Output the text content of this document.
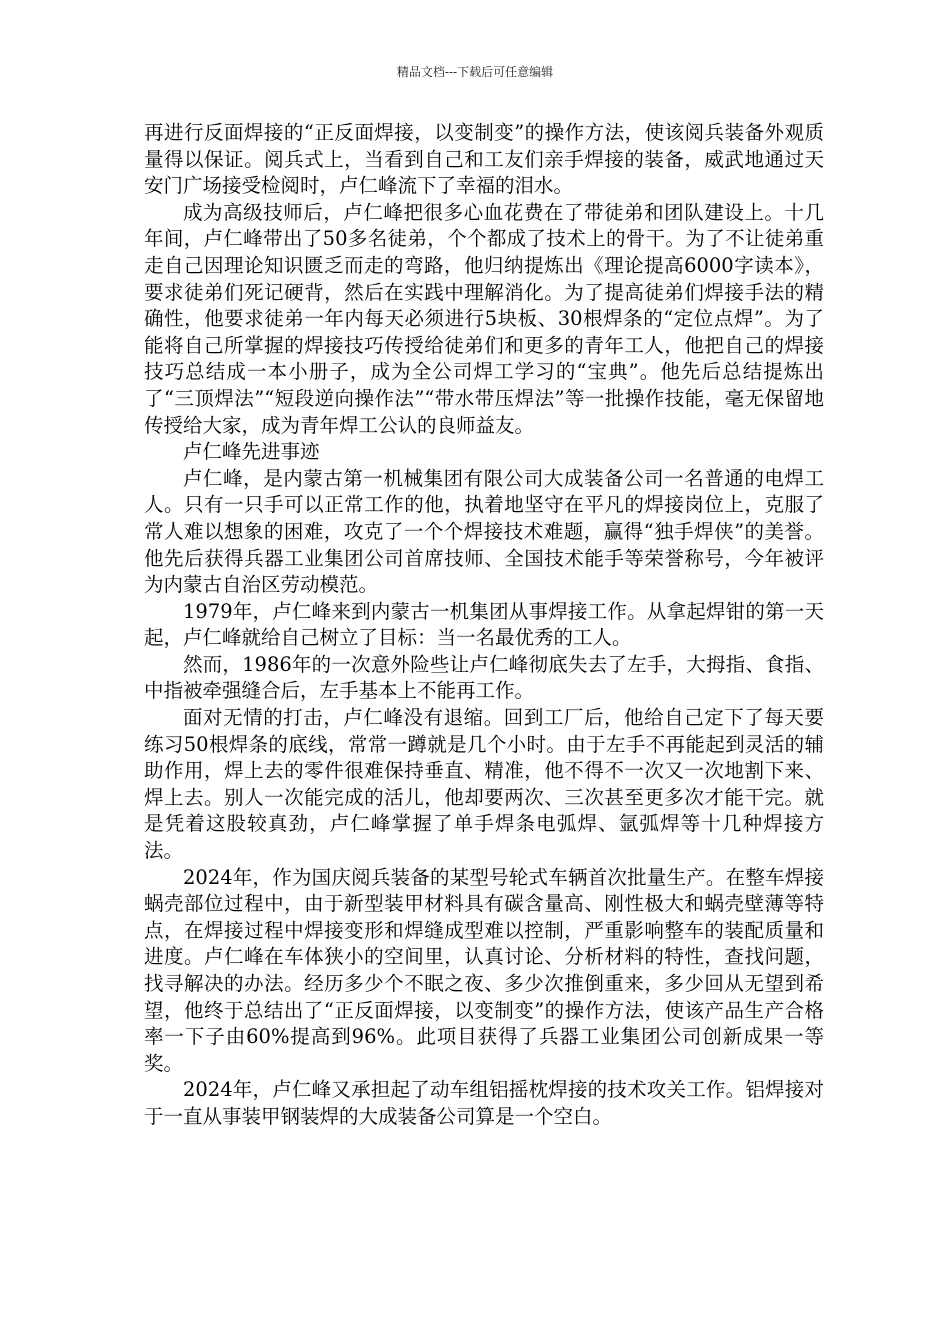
精品文档---下载后可任意编辑

再进行反面焊接的“正反面焊接，以变制变”的操作方法，使该阅兵装备外观质量得以保证。阅兵式上，当看到自己和工友们亲手焊接的装备，威武地通过天安门广场接受检阅时，卢仁峰流下了幸福的泪水。

成为高级技师后，卢仁峰把很多心血花费在了带徒弟和团队建设上。十几年间，卢仁峰带出了50多名徒弟，个个都成了技术上的骨干。为了不让徒弟重走自己因理论知识匮乏而走的弯路，他归纳提炼出《理论提高6000字读本》，要求徒弟们死记硬背，然后在实践中理解消化。为了提高徒弟们焊接手法的精确性，他要求徒弟一年内每天必须进行5块板、30根焊条的“定位点焊”。为了能将自己所掌握的焊接技巧传授给徒弟们和更多的青年工人，他把自己的焊接技巧总结成一本小册子，成为全公司焊工学习的“宝典”。他先后总结提炼出了“三顶焊法”“短段逆向操作法”“带水带压焊法”等一批操作技能，毫无保留地传授给大家，成为青年焊工公认的良师益友。

卢仁峰先进事迹

卢仁峰，是内蒙古第一机械集团有限公司大成装备公司一名普通的电焊工人。只有一只手可以正常工作的他，执着地坚守在平凡的焊接岗位上，克服了常人难以想象的困难，攻克了一个个焊接技术难题，赢得“独手焊侠”的美誉。他先后获得兵器工业集团公司首席技师、全国技术能手等荣誉称号，今年被评为内蒙古自治区劳动模范。

1979年，卢仁峰来到内蒙古一机集团从事焊接工作。从拿起焊钳的第一天起，卢仁峰就给自己树立了目标：当一名最优秀的工人。

然而，1986年的一次意外险些让卢仁峰彻底失去了左手，大拇指、食指、中指被牵强缝合后，左手基本上不能再工作。

面对无情的打击，卢仁峰没有退缩。回到工厂后，他给自己定下了每天要练习50根焊条的底线，常常一蹲就是几个小时。由于左手不再能起到灵活的辅助作用，焊上去的零件很难保持垂直、精准，他不得不一次又一次地割下来、焊上去。别人一次能完成的活儿，他却要两次、三次甚至更多次才能干完。就是凭着这股较真劲，卢仁峰掌握了单手焊条电弧焊、氩弧焊等十几种焊接方法。

2024年，作为国庆阅兵装备的某型号轮式车辆首次批量生产。在整车焊接蜗壳部位过程中，由于新型装甲材料具有碳含量高、刚性极大和蜗壳壁薄等特点，在焊接过程中焊接变形和焊缝成型难以控制，严重影响整车的装配质量和进度。卢仁峰在车体狭小的空间里，认真讨论、分析材料的特性，查找问题，找寻解决的办法。经历多少个不眠之夜、多少次推倒重来，多少回从无望到希望，他终于总结出了“正反面焊接，以变制变”的操作方法，使该产品生产合格率一下子由60%提高到96%。此项目获得了兵器工业集团公司创新成果一等奖。

2024年，卢仁峰又承担起了动车组铝摇枕焊接的技术攻关工作。铝焊接对于一直从事装甲钢装焊的大成装备公司算是一个空白。
